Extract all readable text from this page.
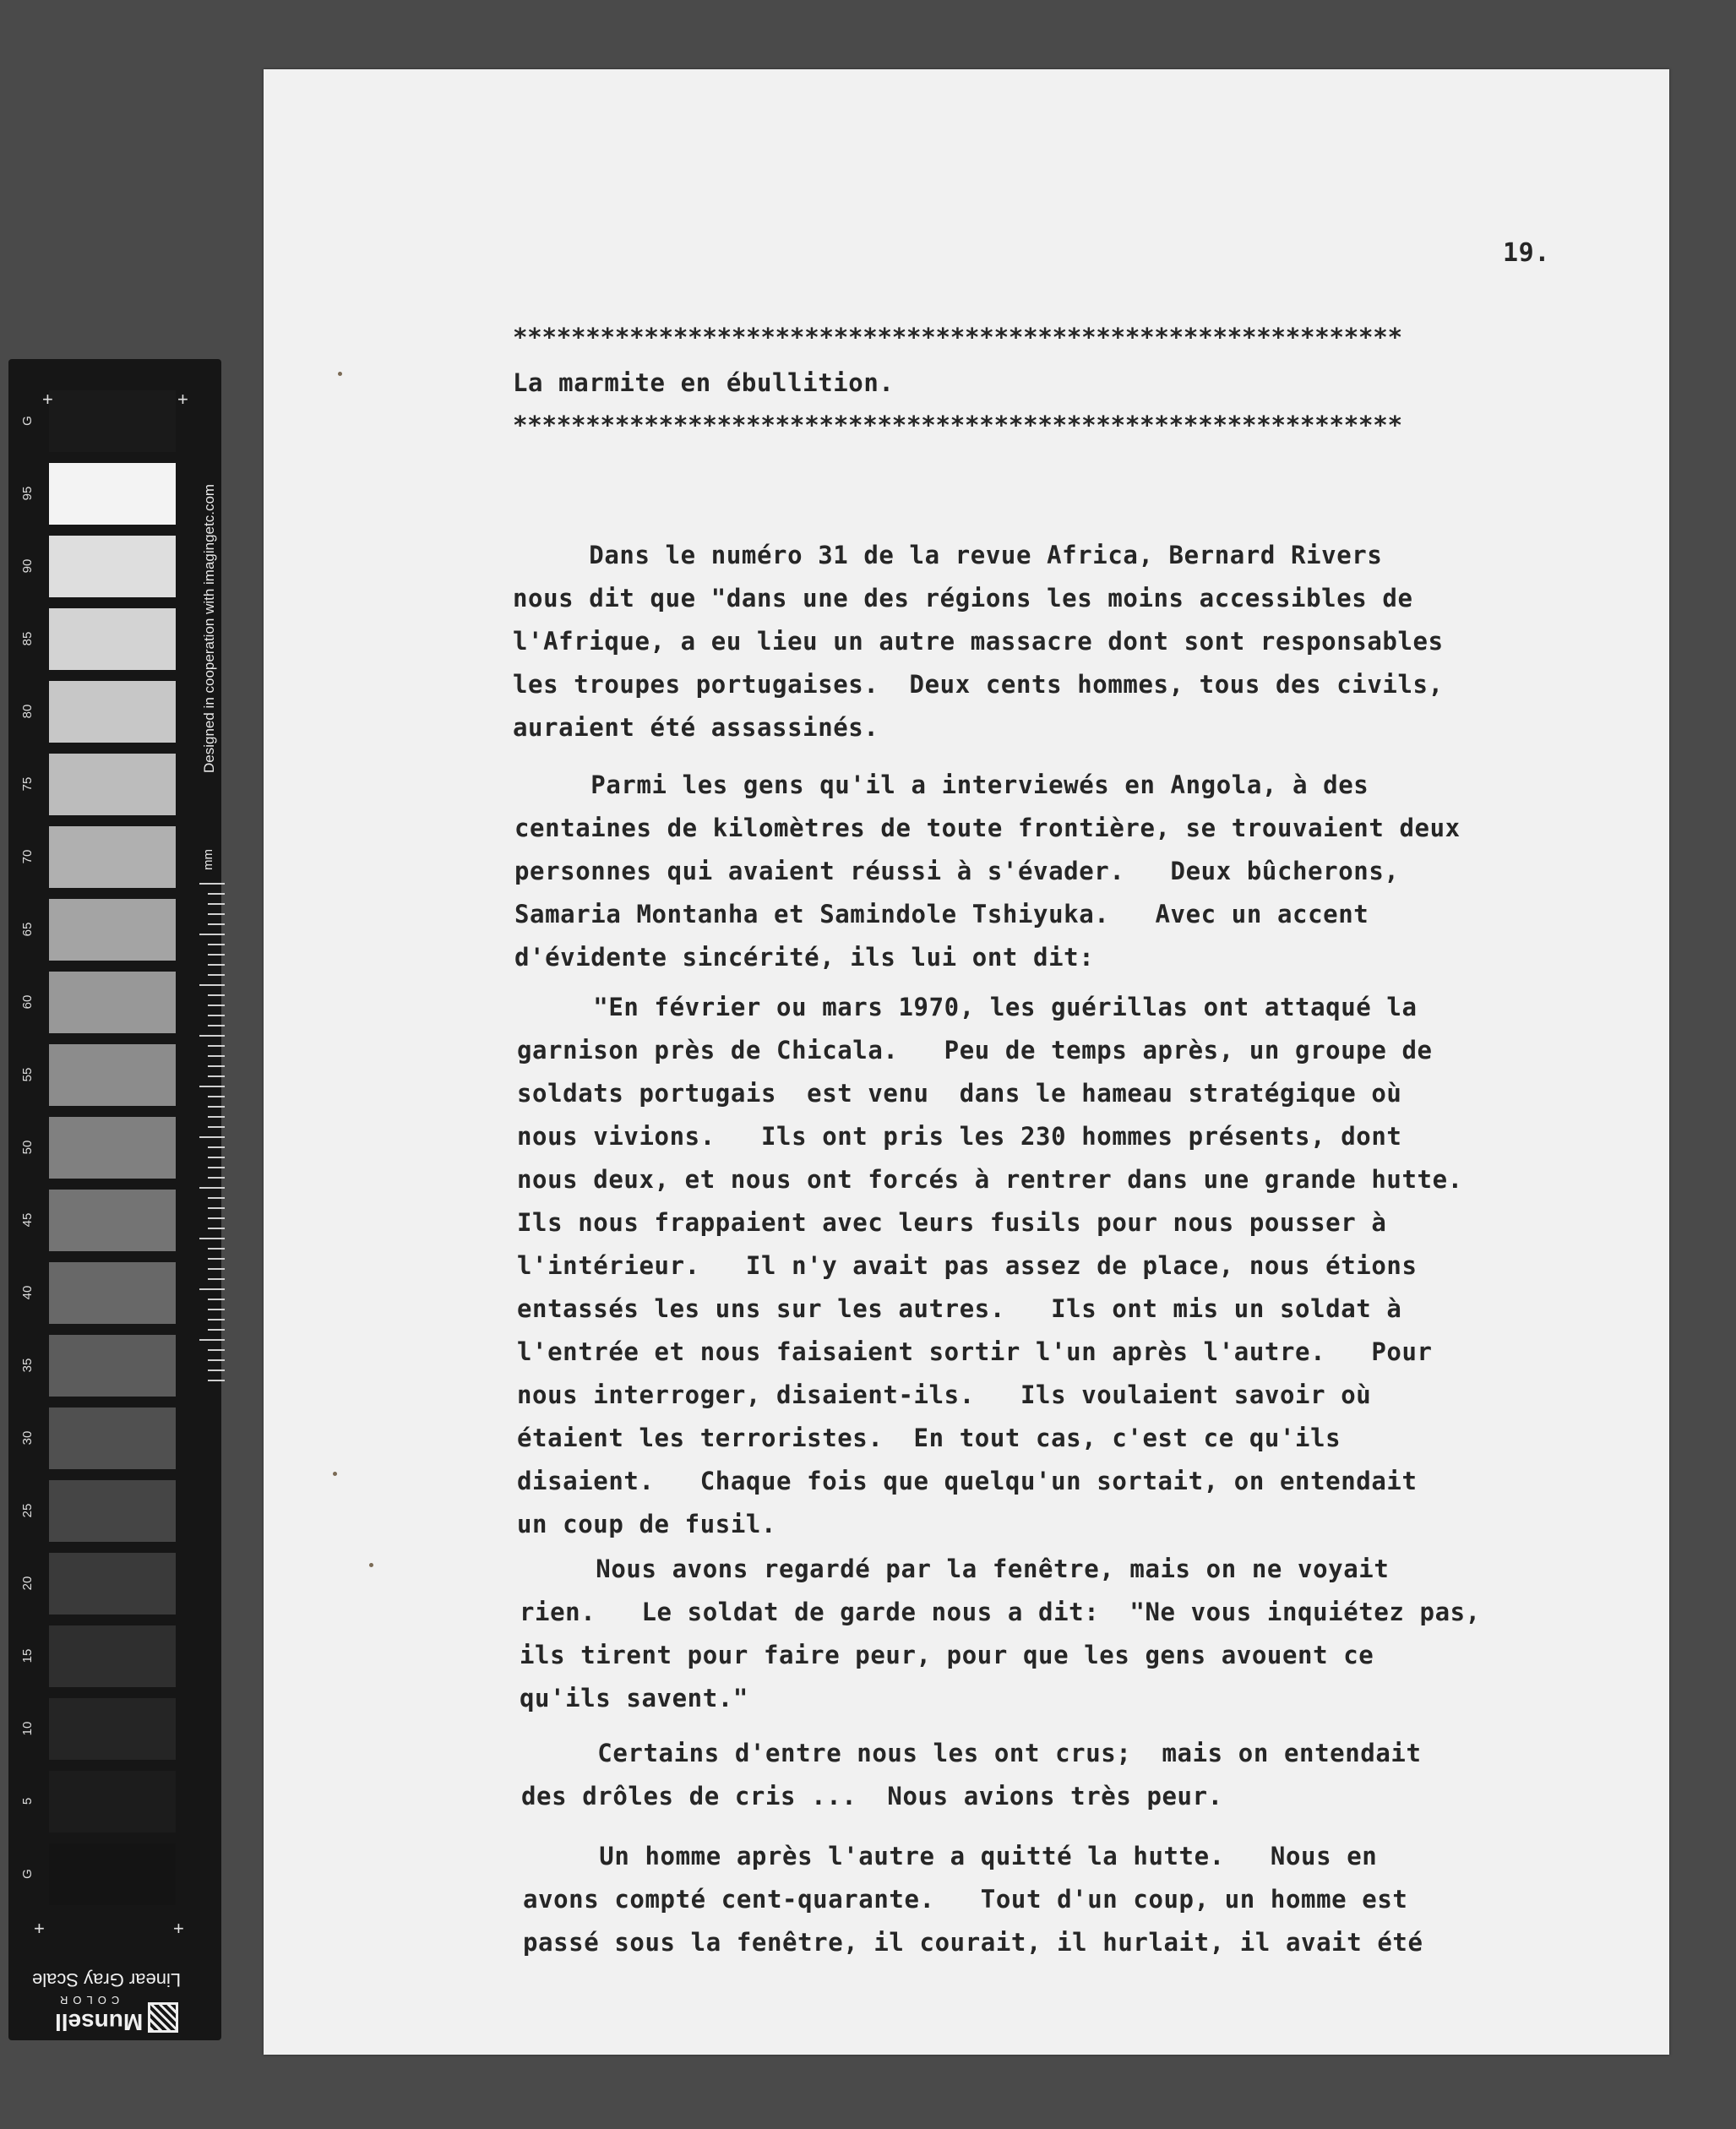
G
95
90
85
80
75
70
65
60
55
50
45
40
35
30
25
20
15
10
5
G
+	+
+	+
Designed in cooperation with imagingetc.com
mm
Linear Gray Scale
COLOR
Munsell
19.
*************************************************************
La marmite en ébullition.
*************************************************************
Dans le numéro 31 de la revue Africa, Bernard Rivers
nous dit que "dans une des régions les moins accessibles de
l'Afrique, a eu lieu un autre massacre dont sont responsables
les troupes portugaises.  Deux cents hommes, tous des civils,
auraient été assassinés.
Parmi les gens qu'il a interviewés en Angola, à des
centaines de kilomètres de toute frontière, se trouvaient deux
personnes qui avaient réussi à s'évader.   Deux bûcherons,
Samaria Montanha et Samindole Tshiyuka.   Avec un accent
d'évidente sincérité, ils lui ont dit:
"En février ou mars 1970, les guérillas ont attaqué la
garnison près de Chicala.   Peu de temps après, un groupe de
soldats portugais  est venu  dans le hameau stratégique où
nous vivions.   Ils ont pris les 230 hommes présents, dont
nous deux, et nous ont forcés à rentrer dans une grande hutte.
Ils nous frappaient avec leurs fusils pour nous pousser à
l'intérieur.   Il n'y avait pas assez de place, nous étions
entassés les uns sur les autres.   Ils ont mis un soldat à
l'entrée et nous faisaient sortir l'un après l'autre.   Pour
nous interroger, disaient-ils.   Ils voulaient savoir où
étaient les terroristes.  En tout cas, c'est ce qu'ils
disaient.   Chaque fois que quelqu'un sortait, on entendait
un coup de fusil.
Nous avons regardé par la fenêtre, mais on ne voyait
rien.   Le soldat de garde nous a dit:  "Ne vous inquiétez pas,
ils tirent pour faire peur, pour que les gens avouent ce
qu'ils savent."
Certains d'entre nous les ont crus;  mais on entendait
des drôles de cris ...  Nous avions très peur.
Un homme après l'autre a quitté la hutte.   Nous en
avons compté cent-quarante.   Tout d'un coup, un homme est
passé sous la fenêtre, il courait, il hurlait, il avait été
